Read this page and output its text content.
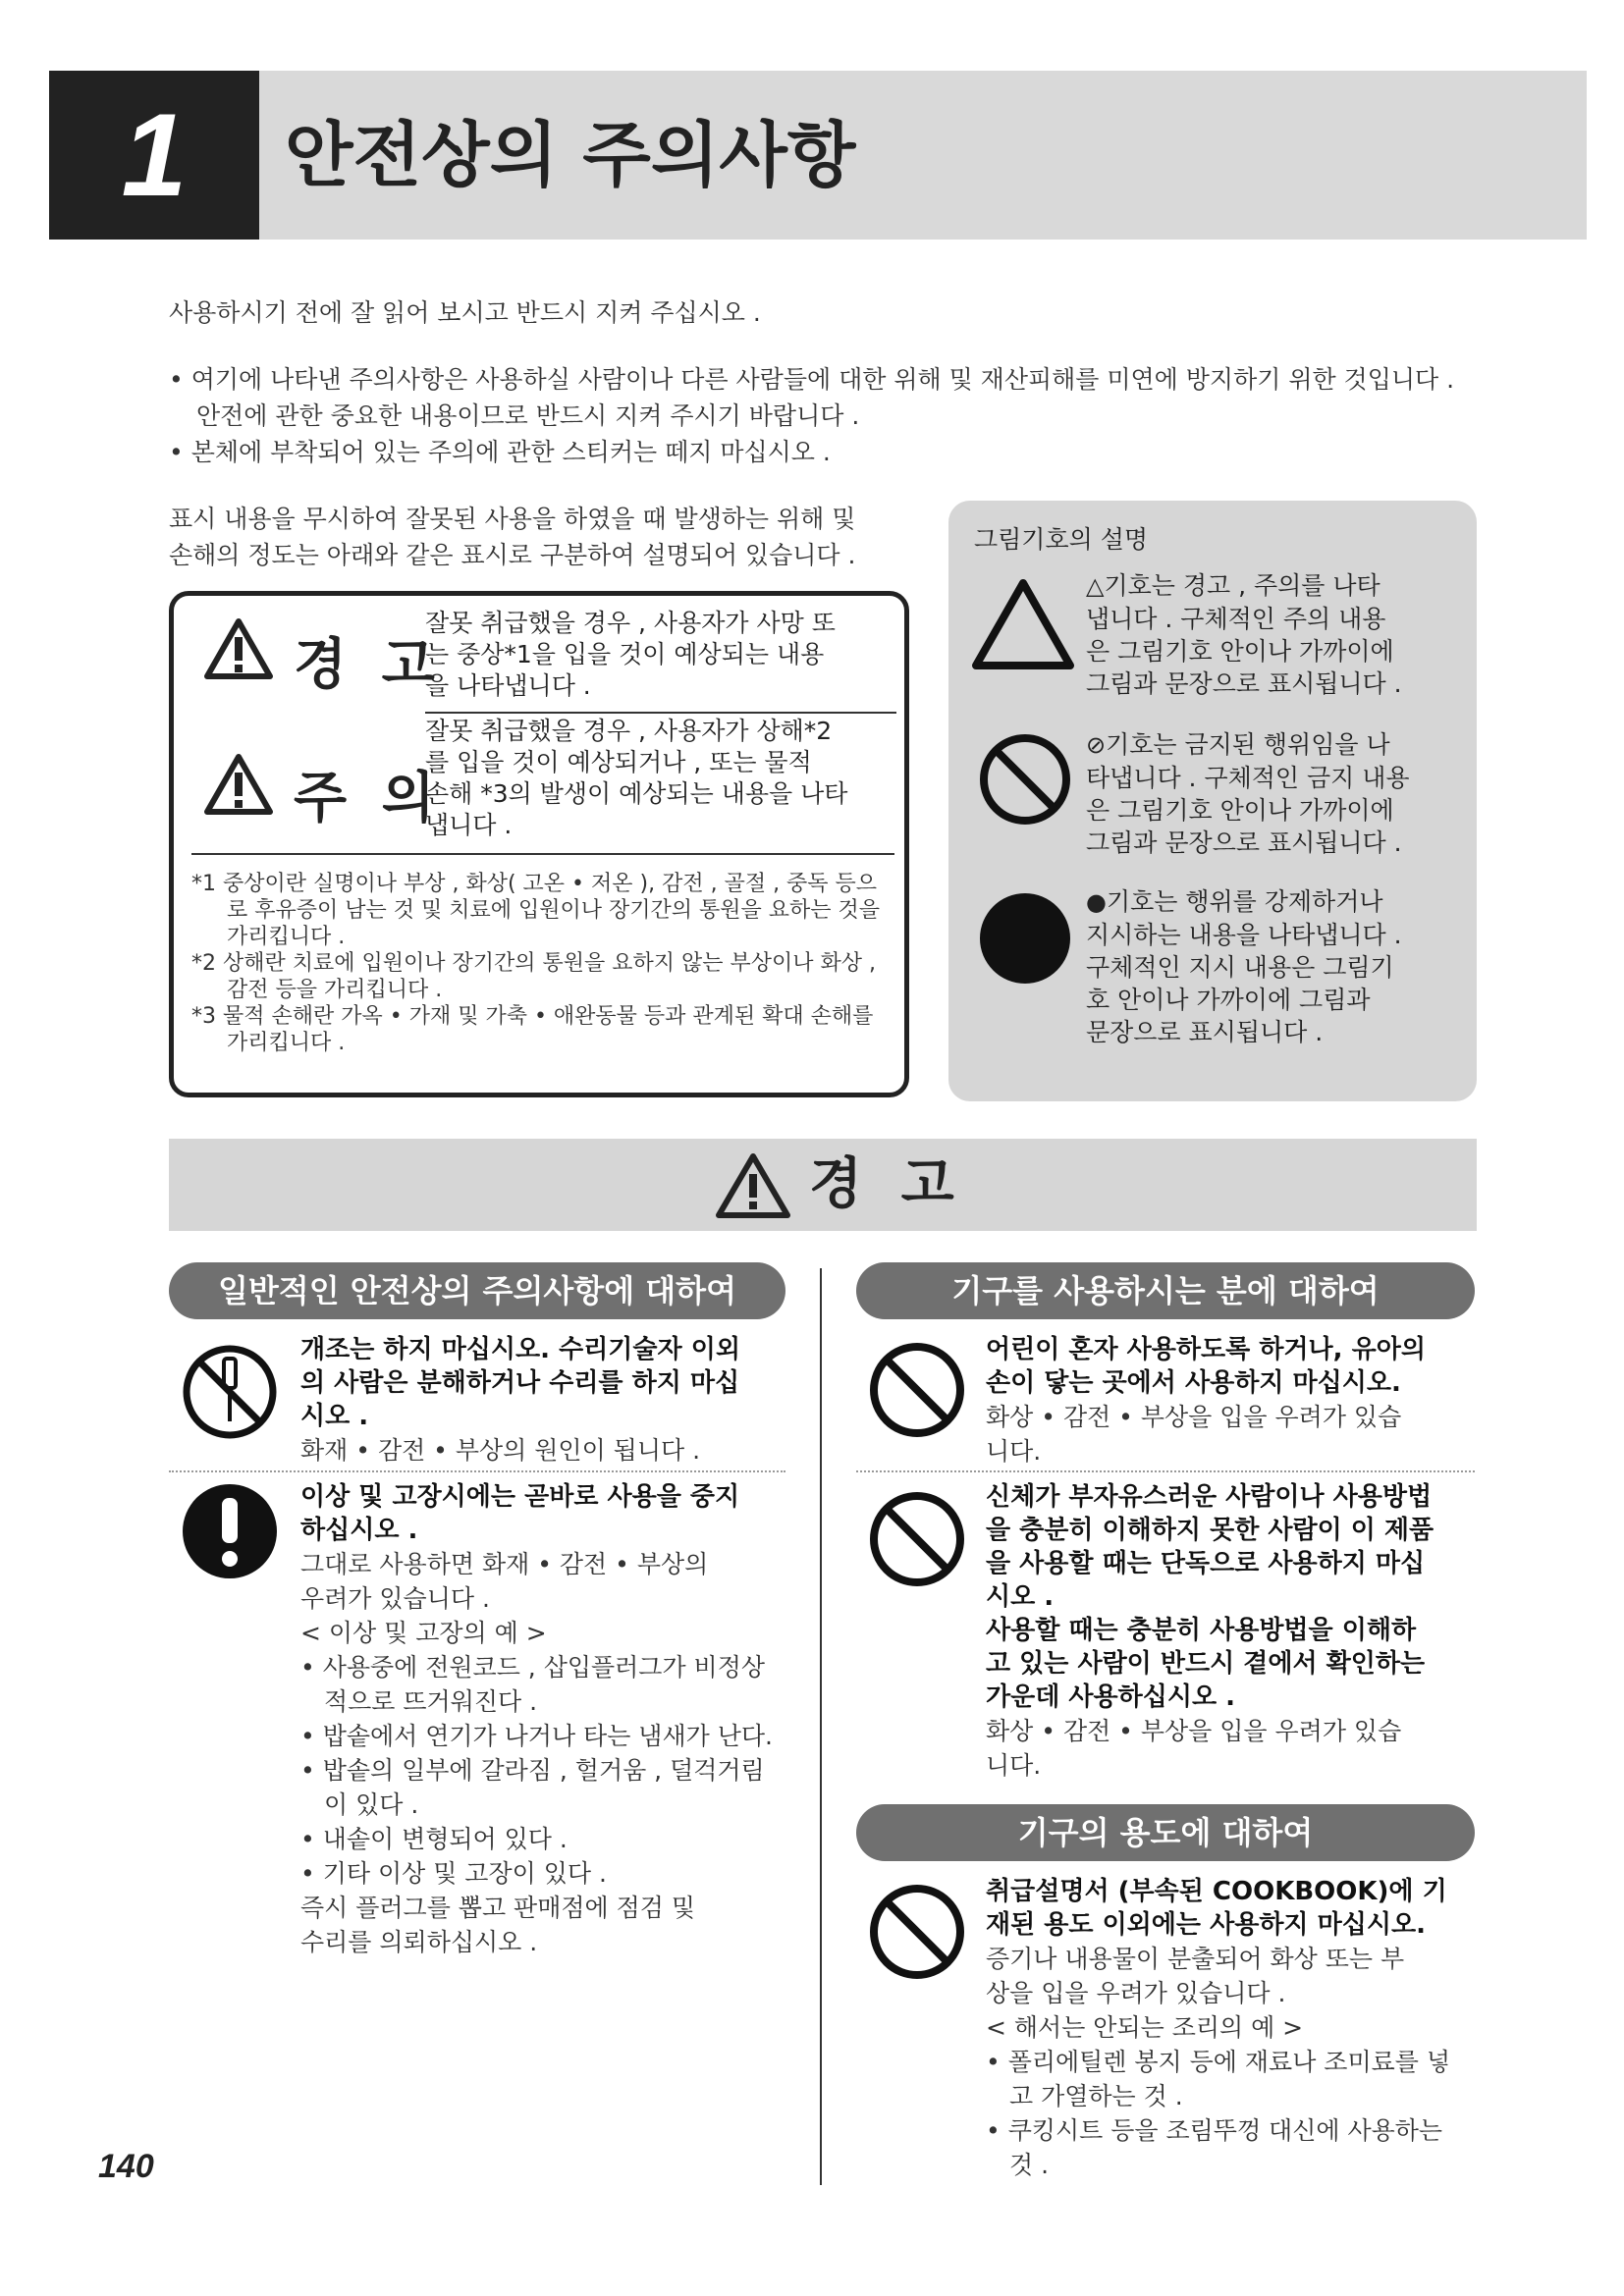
1	안전상의 주의사항
사용하시기 전에 잘 읽어 보시고 반드시 지켜 주십시오 .
• 여기에 나타낸 주의사항은 사용하실 사람이나 다른 사람들에 대한 위해 및 재산피해를 미연에 방지하기 위한 것입니다 . 안전에 관한 중요한 내용이므로 반드시 지켜 주시기 바랍니다 .
• 본체에 부착되어 있는 주의에 관한 스티커는 떼지 마십시오 .
표시 내용을 무시하여 잘못된 사용을 하였을 때 발생하는 위해 및
손해의 정도는 아래와 같은 표시로 구분하여 설명되어 있습니다 .
경 고
잘못 취급했을 경우 , 사용자가 사망 또
는 중상*1을 입을 것이 예상되는 내용
을 나타냅니다 .
주 의
잘못 취급했을 경우 , 사용자가 상해*2
를 입을 것이 예상되거나 , 또는 물적
손해 *3의 발생이 예상되는 내용을 나타
냅니다 .
*1 중상이란 실명이나 부상 , 화상( 고온 • 저온 ), 감전 , 골절 , 중독 등으로 후유증이 남는 것 및 치료에 입원이나 장기간의 통원을 요하는 것을 가리킵니다 .
*2 상해란 치료에 입원이나 장기간의 통원을 요하지 않는 부상이나 화상 , 감전 등을 가리킵니다 .
*3 물적 손해란 가옥 • 가재 및 가축 • 애완동물 등과 관계된 확대 손해를 가리킵니다 .
그림기호의 설명
△기호는 경고 , 주의를 나타
냅니다 . 구체적인 주의 내용
은 그림기호 안이나 가까이에
그림과 문장으로 표시됩니다 .
⊘기호는 금지된 행위임을 나
타냅니다 . 구체적인 금지 내용
은 그림기호 안이나 가까이에
그림과 문장으로 표시됩니다 .
●기호는 행위를 강제하거나
지시하는 내용을 나타냅니다 .
구체적인 지시 내용은 그림기
호 안이나 가까이에 그림과
문장으로 표시됩니다 .
경 고
일반적인 안전상의 주의사항에 대하여
개조는 하지 마십시오. 수리기술자 이외
의 사람은 분해하거나 수리를 하지 마십
시오 .
화재 • 감전 • 부상의 원인이 됩니다 .
이상 및 고장시에는 곧바로 사용을 중지
하십시오 .
그대로 사용하면 화재 • 감전 • 부상의
우려가 있습니다 .
< 이상 및 고장의 예 >
• 사용중에 전원코드 , 삽입플러그가 비정상적으로 뜨거워진다 .
• 밥솥에서 연기가 나거나 타는 냄새가 난다.
• 밥솥의 일부에 갈라짐 , 헐거움 , 덜걱거림이 있다 .
• 내솥이 변형되어 있다 .
• 기타 이상 및 고장이 있다 .
즉시 플러그를 뽑고 판매점에 점검 및
수리를 의뢰하십시오 .
기구를 사용하시는 분에 대하여
어린이 혼자 사용하도록 하거나, 유아의
손이 닿는 곳에서 사용하지 마십시오.
화상 • 감전 • 부상을 입을 우려가 있습
니다.
신체가 부자유스러운 사람이나 사용방법
을 충분히 이해하지 못한 사람이 이 제품
을 사용할 때는 단독으로 사용하지 마십
시오 .
사용할 때는 충분히 사용방법을 이해하
고 있는 사람이 반드시 곁에서 확인하는
가운데 사용하십시오 .
화상 • 감전 • 부상을 입을 우려가 있습
니다.
기구의 용도에 대하여
취급설명서 (부속된 COOKBOOK)에 기
재된 용도 이외에는 사용하지 마십시오.
증기나 내용물이 분출되어 화상 또는 부
상을 입을 우려가 있습니다 .
< 해서는 안되는 조리의 예 >
• 폴리에틸렌 봉지 등에 재료나 조미료를 넣고 가열하는 것 .
• 쿠킹시트 등을 조림뚜껑 대신에 사용하는 것 .
140
